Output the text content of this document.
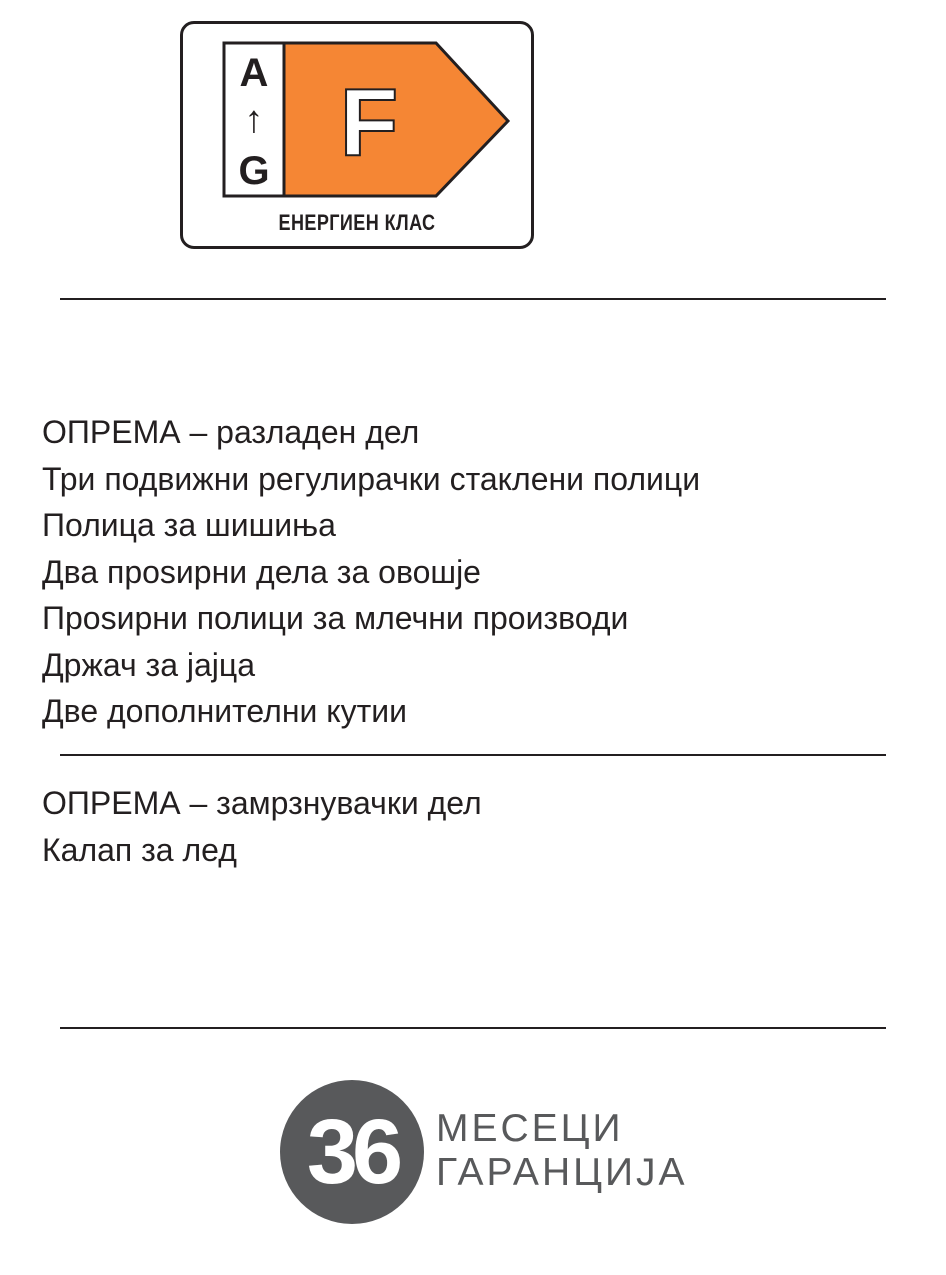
A
↑
G F
ЕНЕРГИЕН КЛАС
ОПРЕМА – разладен дел
Три подвижни регулирачки стаклени полици
Полица за шишиња
Два проѕирни дела за овошје
Проѕирни полици за млечни производи
Држач за јајца
Две дополнителни кутии
ОПРЕМА – замрзнувачки дел
Калап за лед
36 МЕСЕЦИ
ГАРАНЦИЈА
